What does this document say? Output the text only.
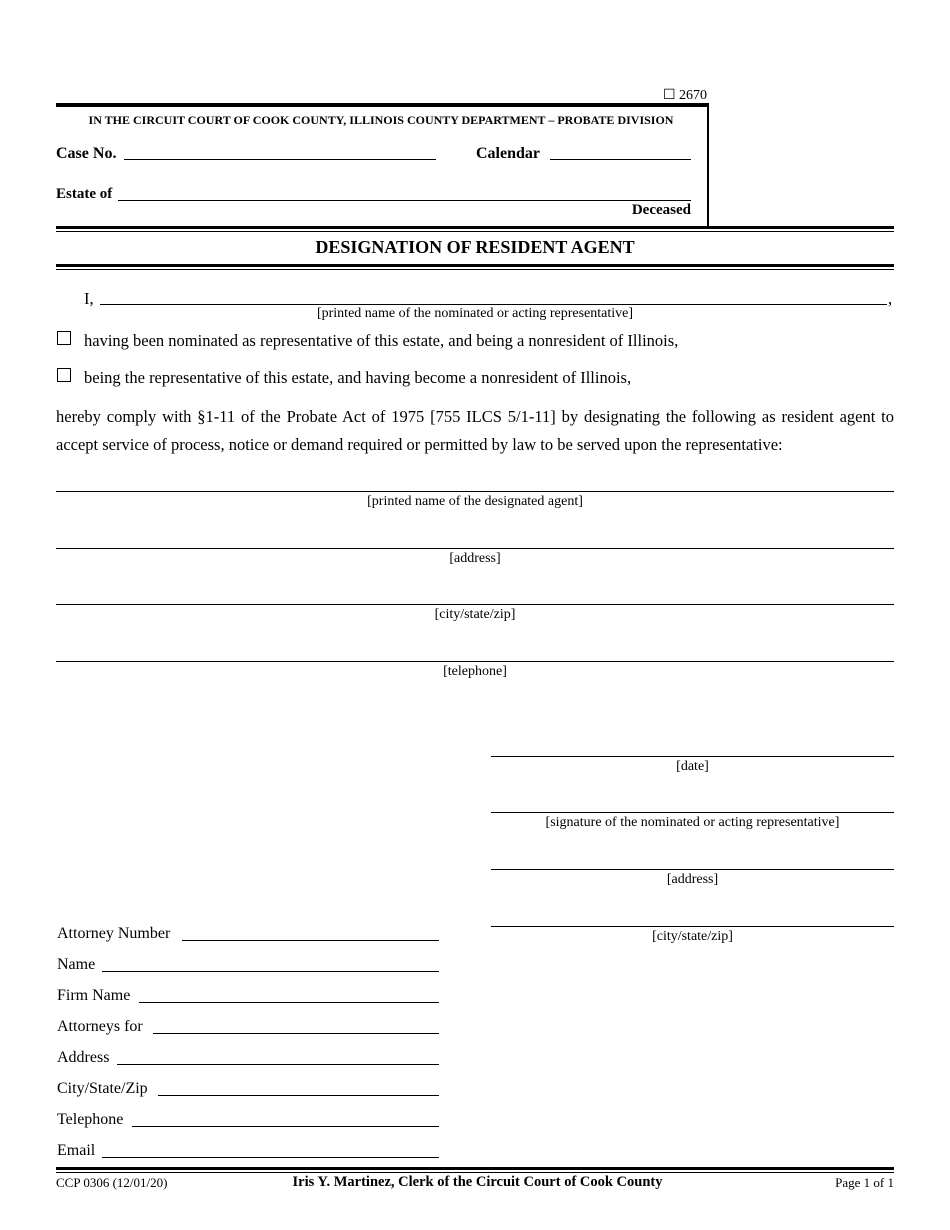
☐ 2670
IN THE CIRCUIT COURT OF COOK COUNTY, ILLINOIS COUNTY DEPARTMENT – PROBATE DIVISION
Case No.	Calendar
Estate of
Deceased
DESIGNATION OF RESIDENT AGENT
I,	,
[printed name of the nominated or acting representative]
having been nominated as representative of this estate, and being a nonresident of Illinois,
being the representative of this estate, and having become a nonresident of Illinois,
hereby comply with §1-11 of the Probate Act of 1975 [755 ILCS 5/1-11] by designating the following as resident agent to accept service of process, notice or demand required or permitted by law to be served upon the representative:
[printed name of the designated agent]
[address]
[city/state/zip]
[telephone]
[date]
[signature of the nominated or acting representative]
[address]
[city/state/zip]
Attorney Number
Name
Firm Name
Attorneys for
Address
City/State/Zip
Telephone
Email
CCP 0306 (12/01/20)	Iris Y. Martinez, Clerk of the Circuit Court of Cook County	Page 1 of 1
